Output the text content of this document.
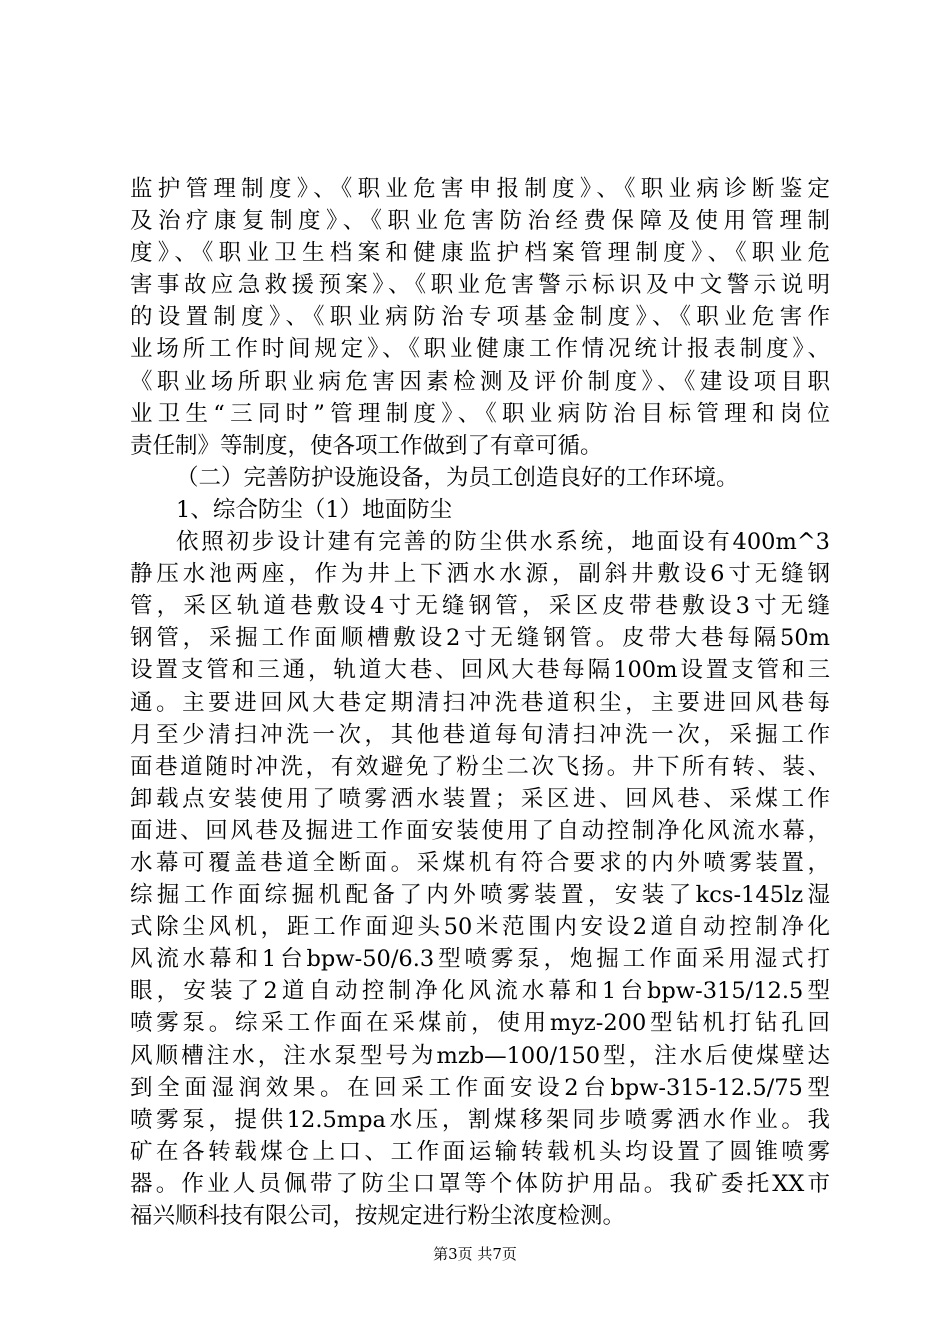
监护管理制度》、《职业危害申报制度》、《职业病诊断鉴定
及治疗康复制度》、《职业危害防治经费保障及使用管理制
度》、《职业卫生档案和健康监护档案管理制度》、《职业危
害事故应急救援预案》、《职业危害警示标识及中文警示说明
的设置制度》、《职业病防治专项基金制度》、《职业危害作
业场所工作时间规定》、《职业健康工作情况统计报表制度》、
《职业场所职业病危害因素检测及评价制度》、《建设项目职
业卫生“三同时”管理制度》、《职业病防治目标管理和岗位
责任制》等制度，使各项工作做到了有章可循。
（二）完善防护设施设备，为员工创造良好的工作环境。
1、综合防尘（1）地面防尘
依照初步设计建有完善的防尘供水系统，地面设有400m^3
静压水池两座，作为井上下洒水水源，副斜井敷设6寸无缝钢
管，采区轨道巷敷设4寸无缝钢管，采区皮带巷敷设3寸无缝
钢管，采掘工作面顺槽敷设2寸无缝钢管。皮带大巷每隔50m
设置支管和三通，轨道大巷、回风大巷每隔100m设置支管和三
通。主要进回风大巷定期清扫冲洗巷道积尘，主要进回风巷每
月至少清扫冲洗一次，其他巷道每旬清扫冲洗一次，采掘工作
面巷道随时冲洗，有效避免了粉尘二次飞扬。井下所有转、装、
卸载点安装使用了喷雾洒水装置；采区进、回风巷、采煤工作
面进、回风巷及掘进工作面安装使用了自动控制净化风流水幕，
水幕可覆盖巷道全断面。采煤机有符合要求的内外喷雾装置，
综掘工作面综掘机配备了内外喷雾装置，安装了kcs-145lz湿
式除尘风机，距工作面迎头50米范围内安设2道自动控制净化
风流水幕和1台bpw-50/6.3型喷雾泵，炮掘工作面采用湿式打
眼，安装了2道自动控制净化风流水幕和1台bpw-315/12.5型
喷雾泵。综采工作面在采煤前，使用myz-200型钻机打钻孔回
风顺槽注水，注水泵型号为mzb—100/150型，注水后使煤壁达
到全面湿润效果。在回采工作面安设2台bpw-315-12.5/75型
喷雾泵，提供12.5mpa水压，割煤移架同步喷雾洒水作业。我
矿在各转载煤仓上口、工作面运输转载机头均设置了圆锥喷雾
器。作业人员佩带了防尘口罩等个体防护用品。我矿委托XX市
福兴顺科技有限公司，按规定进行粉尘浓度检测。
第3页 共7页
